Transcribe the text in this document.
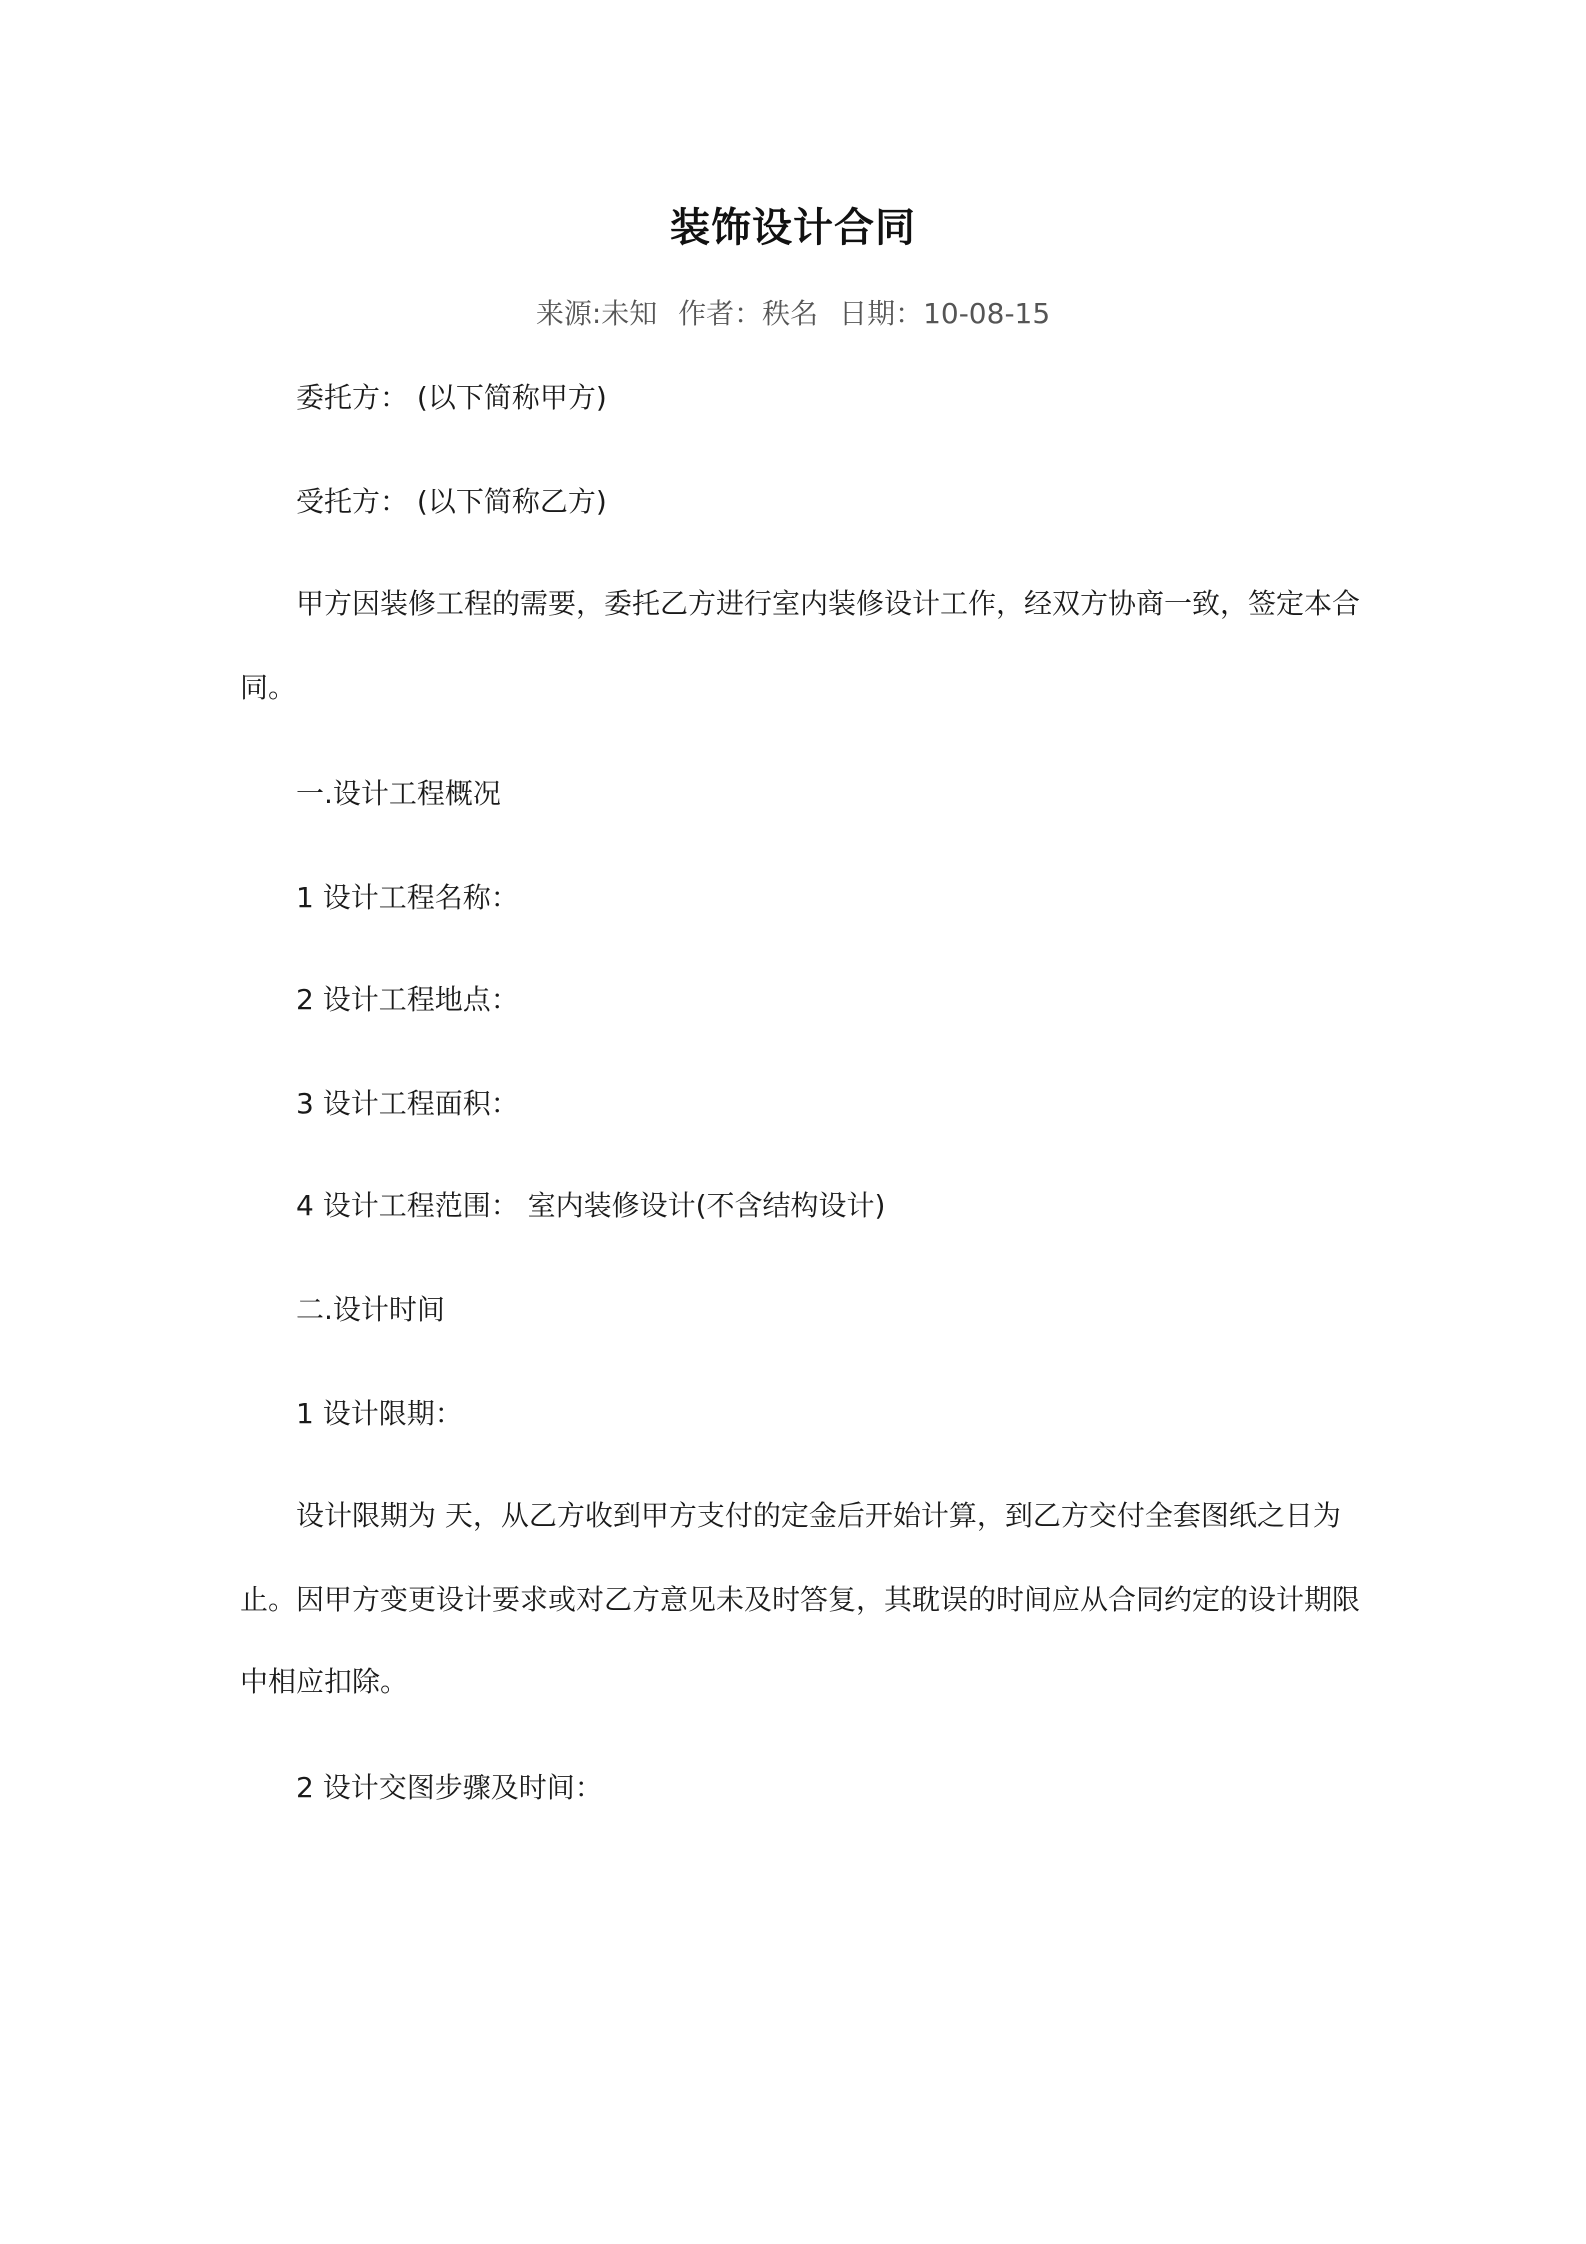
装饰设计合同
来源:未知 作者：秩名 日期：10-08-15
委托方： (以下简称甲方)
受托方： (以下简称乙方)
甲方因装修工程的需要，委托乙方进行室内装修设计工作，经双方协商一致，签定本合
同。
一.设计工程概况
1 设计工程名称：
2 设计工程地点：
3 设计工程面积：
4 设计工程范围： 室内装修设计(不含结构设计)
二.设计时间
1 设计限期：
设计限期为 天，从乙方收到甲方支付的定金后开始计算，到乙方交付全套图纸之日为
止。因甲方变更设计要求或对乙方意见未及时答复，其耽误的时间应从合同约定的设计期限
中相应扣除。
2 设计交图步骤及时间：
